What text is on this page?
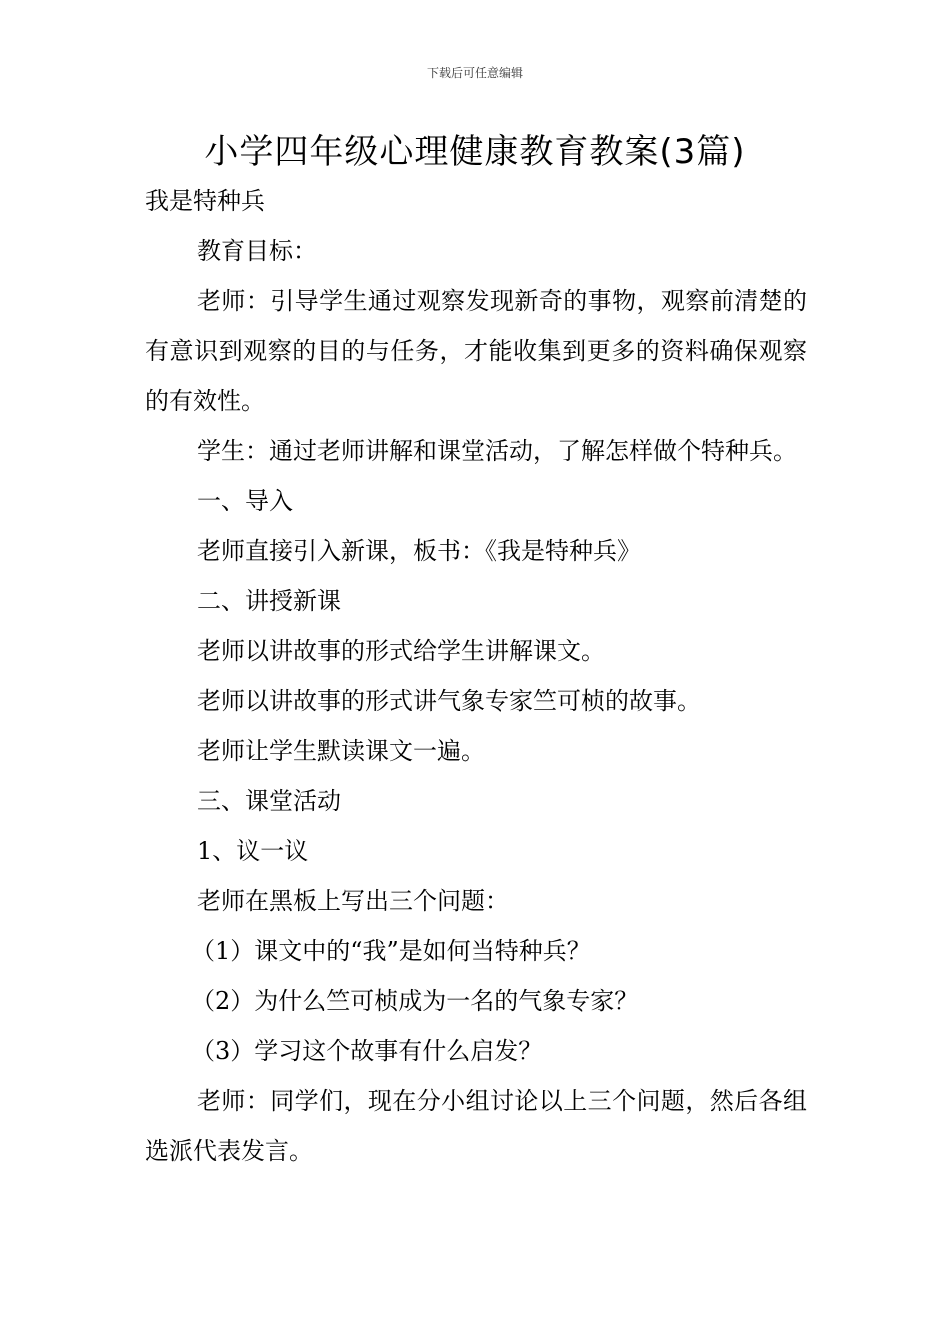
下载后可任意编辑
小学四年级心理健康教育教案(3篇)

我是特种兵

教育目标：

老师：引导学生通过观察发现新奇的事物，观察前清楚的有意识到观察的目的与任务，才能收集到更多的资料确保观察的有效性。

学生：通过老师讲解和课堂活动，了解怎样做个特种兵。

一、导入

老师直接引入新课，板书：《我是特种兵》

二、讲授新课

老师以讲故事的形式给学生讲解课文。

老师以讲故事的形式讲气象专家竺可桢的故事。

老师让学生默读课文一遍。

三、课堂活动

1、议一议

老师在黑板上写出三个问题：

（1）课文中的“我”是如何当特种兵？

（2）为什么竺可桢成为一名的气象专家？

（3）学习这个故事有什么启发？

老师：同学们，现在分小组讨论以上三个问题，然后各组选派代表发言。
